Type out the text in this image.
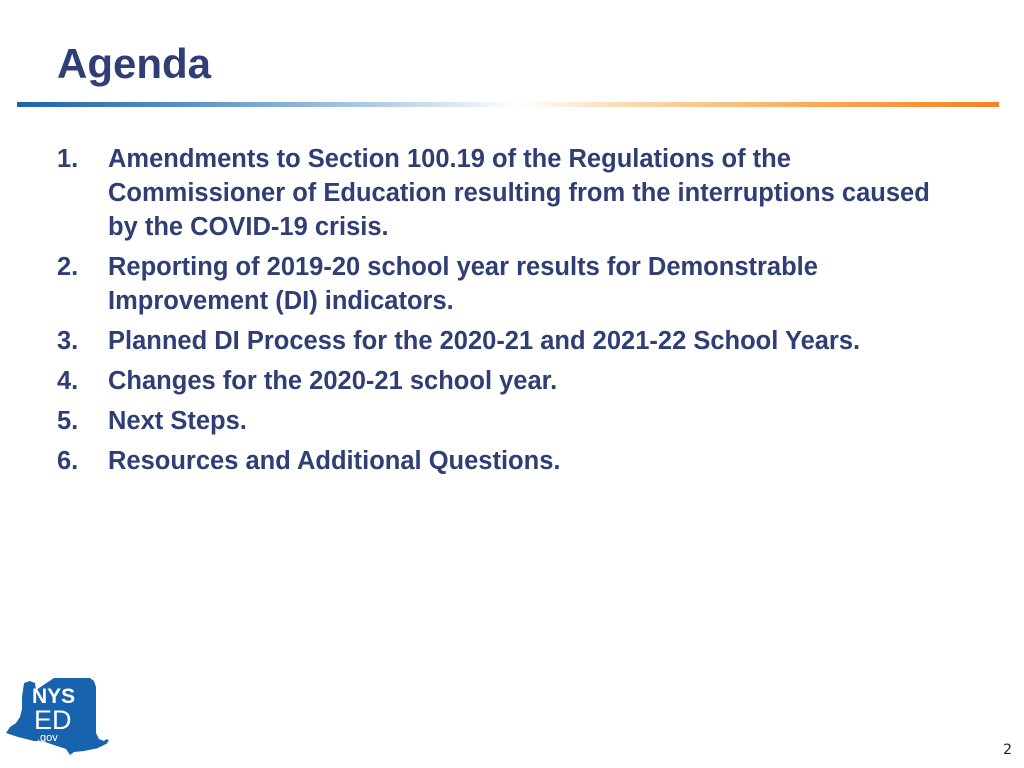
Agenda
1.	Amendments to Section 100.19 of the Regulations of the Commissioner of Education resulting from the interruptions caused by the COVID-19 crisis.
2.	Reporting of 2019-20 school year results for Demonstrable Improvement (DI) indicators.
3.	Planned DI Process for the 2020-21 and 2021-22 School Years.
4.	Changes for the 2020-21 school year.
5.	Next Steps.
6.	Resources and Additional Questions.
NYS
ED
.gov
2
